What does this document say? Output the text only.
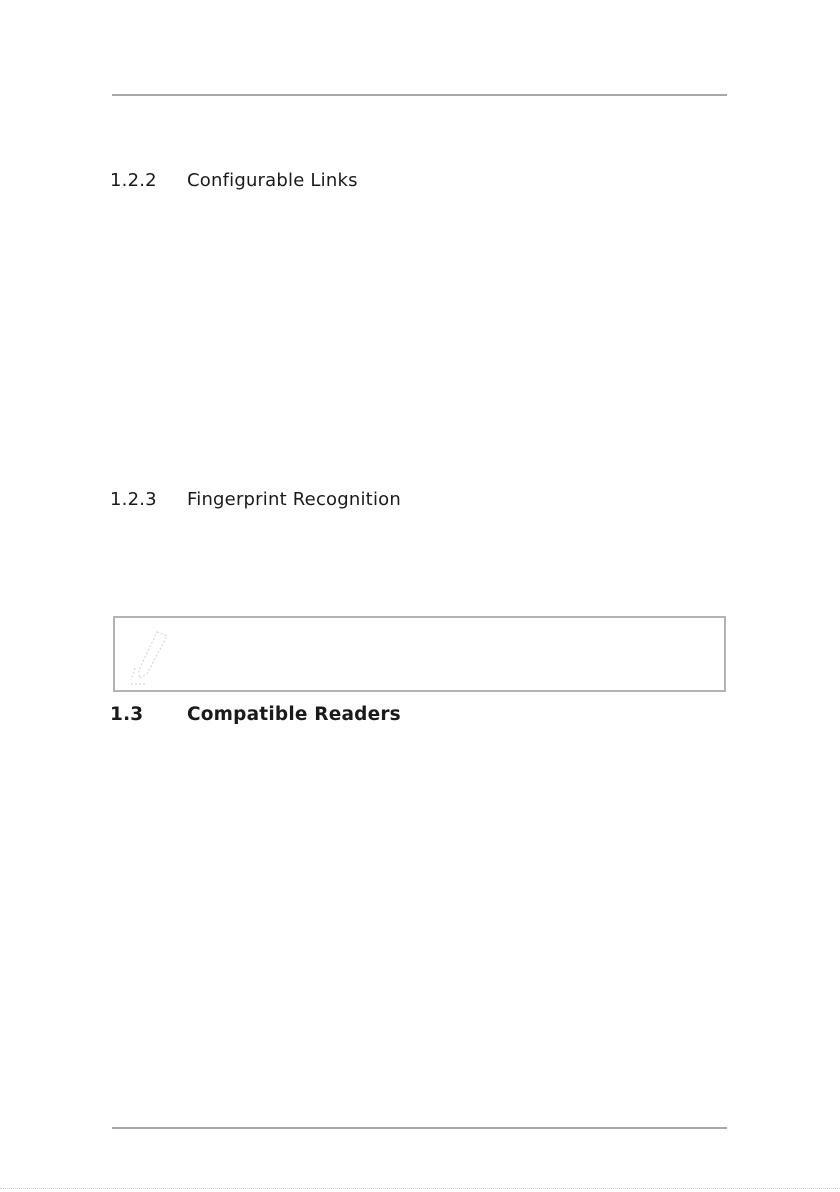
1.2.2 Configurable Links
1.2.3 Fingerprint Recognition
1.3 Compatible Readers
